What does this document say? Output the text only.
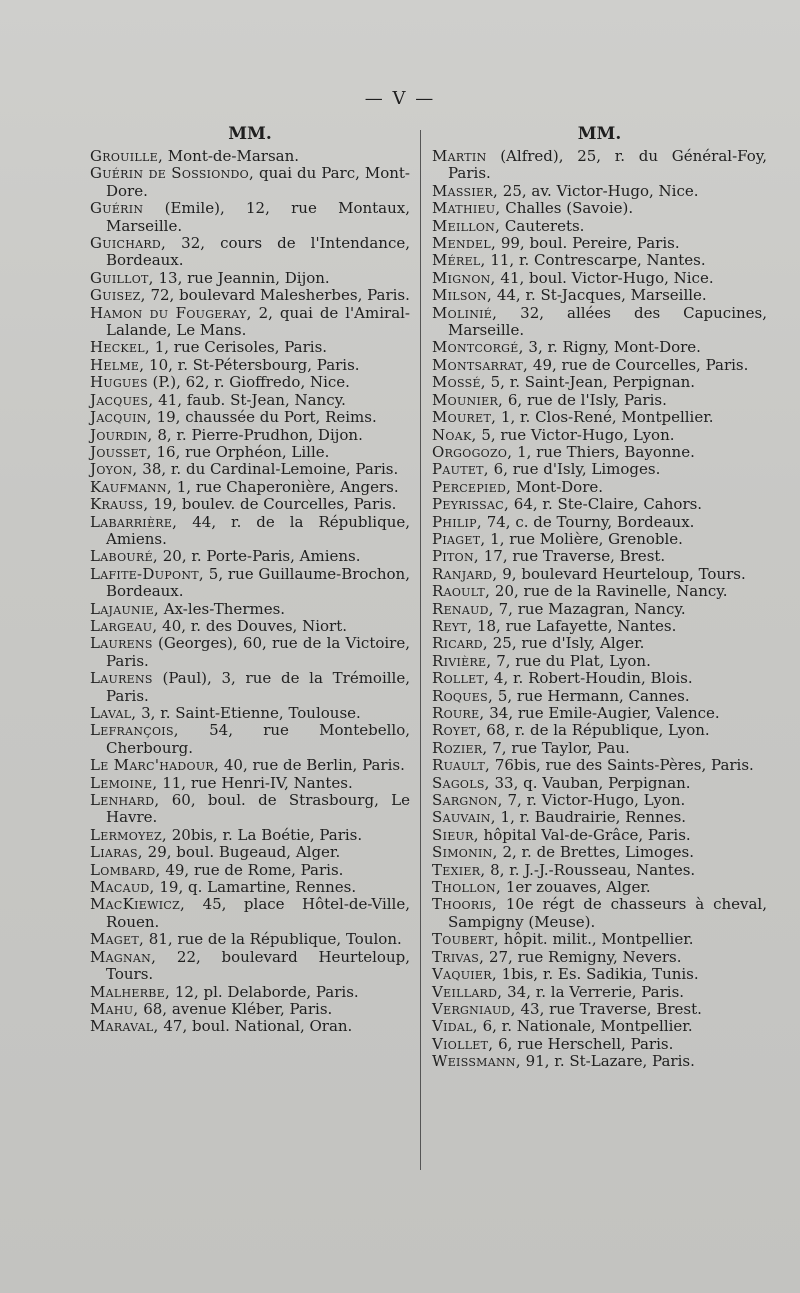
— V —
MM.

Grouille, Mont-de-Marsan.

Guérin de Sossiondo, quai du Parc, Mont-Dore.

Guérin (Emile), 12, rue Montaux, Marseille.

Guichard, 32, cours de l'Intendance, Bordeaux.

Guillot, 13, rue Jeannin, Dijon.

Guisez, 72, boulevard Malesherbes, Paris.

Hamon du Fougeray, 2, quai de l'Amiral-Lalande, Le Mans.

Heckel, 1, rue Cerisoles, Paris.

Helme, 10, r. St-Pétersbourg, Paris.

Hugues (P.), 62, r. Gioffredo, Nice.

Jacques, 41, faub. St-Jean, Nancy.

Jacquin, 19, chaussée du Port, Reims.

Jourdin, 8, r. Pierre-Prudhon, Dijon.

Jousset, 16, rue Orphéon, Lille.

Joyon, 38, r. du Cardinal-Lemoine, Paris.

Kaufmann, 1, rue Chaperonière, Angers.

Krauss, 19, boulev. de Courcelles, Paris.

Labarrière, 44, r. de la République, Amiens.

Labouré, 20, r. Porte-Paris, Amiens.

Lafite-Dupont, 5, rue Guillaume-Brochon, Bordeaux.

Lajaunie, Ax-les-Thermes.

Largeau, 40, r. des Douves, Niort.

Laurens (Georges), 60, rue de la Victoire, Paris.

Laurens (Paul), 3, rue de la Trémoille, Paris.

Laval, 3, r. Saint-Etienne, Toulouse.

Lefrançois, 54, rue Montebello, Cherbourg.

Le Marc'hadour, 40, rue de Berlin, Paris.

Lemoine, 11, rue Henri-IV, Nantes.

Lenhard, 60, boul. de Strasbourg, Le Havre.

Lermoyez, 20bis, r. La Boétie, Paris.

Liaras, 29, boul. Bugeaud, Alger.

Lombard, 49, rue de Rome, Paris.

Macaud, 19, q. Lamartine, Rennes.

MacKiewicz, 45, place Hôtel-de-Ville, Rouen.

Maget, 81, rue de la République, Toulon.

Magnan, 22, boulevard Heurteloup, Tours.

Malherbe, 12, pl. Delaborde, Paris.

Mahu, 68, avenue Kléber, Paris.

Maraval, 47, boul. National, Oran.

MM.

Martin (Alfred), 25, r. du Général-Foy, Paris.

Massier, 25, av. Victor-Hugo, Nice.

Mathieu, Challes (Savoie).

Meillon, Cauterets.

Mendel, 99, boul. Pereire, Paris.

Mérel, 11, r. Contrescarpe, Nantes.

Mignon, 41, boul. Victor-Hugo, Nice.

Milson, 44, r. St-Jacques, Marseille.

Molinié, 32, allées des Capucines, Marseille.

Montcorgé, 3, r. Rigny, Mont-Dore.

Montsarrat, 49, rue de Courcelles, Paris.

Mossé, 5, r. Saint-Jean, Perpignan.

Mounier, 6, rue de l'Isly, Paris.

Mouret, 1, r. Clos-René, Montpellier.

Noak, 5, rue Victor-Hugo, Lyon.

Orgogozo, 1, rue Thiers, Bayonne.

Pautet, 6, rue d'Isly, Limoges.

Percepied, Mont-Dore.

Peyrissac, 64, r. Ste-Claire, Cahors.

Philip, 74, c. de Tourny, Bordeaux.

Piaget, 1, rue Molière, Grenoble.

Piton, 17, rue Traverse, Brest.

Ranjard, 9, boulevard Heurteloup, Tours.

Raoult, 20, rue de la Ravinelle, Nancy.

Renaud, 7, rue Mazagran, Nancy.

Reyt, 18, rue Lafayette, Nantes.

Ricard, 25, rue d'Isly, Alger.

Rivière, 7, rue du Plat, Lyon.

Rollet, 4, r. Robert-Houdin, Blois.

Roques, 5, rue Hermann, Cannes.

Roure, 34, rue Emile-Augier, Valence.

Royet, 68, r. de la République, Lyon.

Rozier, 7, rue Taylor, Pau.

Ruault, 76bis, rue des Saints-Pères, Paris.

Sagols, 33, q. Vauban, Perpignan.

Sargnon, 7, r. Victor-Hugo, Lyon.

Sauvain, 1, r. Baudrairie, Rennes.

Sieur, hôpital Val-de-Grâce, Paris.

Simonin, 2, r. de Brettes, Limoges.

Texier, 8, r. J.-J.-Rousseau, Nantes.

Thollon, 1er zouaves, Alger.

Thooris, 10e régt de chasseurs à cheval, Sampigny (Meuse).

Toubert, hôpit. milit., Montpellier.

Trivas, 27, rue Remigny, Nevers.

Vaquier, 1bis, r. Es. Sadikia, Tunis.

Veillard, 34, r. la Verrerie, Paris.

Vergniaud, 43, rue Traverse, Brest.

Vidal, 6, r. Nationale, Montpellier.

Viollet, 6, rue Herschell, Paris.

Weissmann, 91, r. St-Lazare, Paris.
